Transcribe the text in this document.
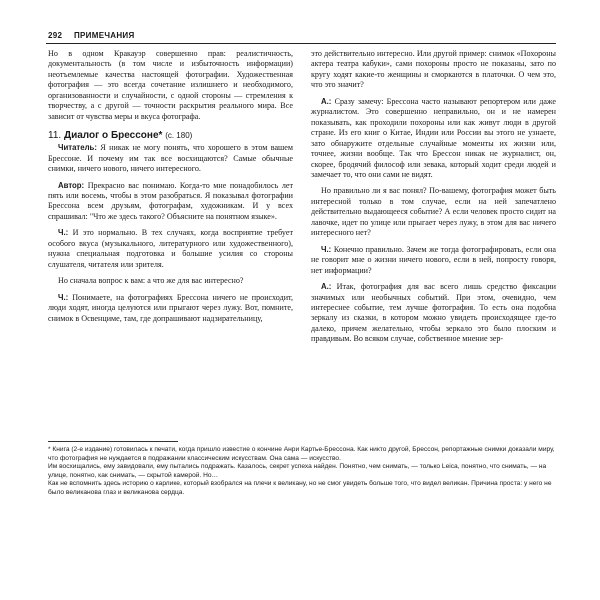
292 ПРИМЕЧАНИЯ

Но в одном Кракауэр совершенно прав: реалистичность, документальность (в том числе и избыточность информации) неотъемлемые качества настоящей фотографии. Художественная фотография — это всегда сочетание излишнего и необходимого, организованности и случайности, с одной стороны — стремления к творчеству, а с другой — точности раскрытия реального мира. Все зависит от чувства меры и вкуса фотографа.

11. Диалог о Брессоне* (с. 180)

Читатель: Я никак не могу понять, что хорошего в этом вашем Брессоне. И почему им так все восхищаются? Самые обычные снимки, ничего нового, ничего интересного.

Автор: Прекрасно вас понимаю. Когда-то мне понадобилось лет пять или восемь, чтобы в этом разобраться. Я показывал фотографии Брессона всем друзьям, фотографам, художникам. И у всех спрашивал: "Что же здесь такого? Объясните на понятном языке».

Ч.: И это нормально. В тех случаях, когда восприятие требует особого вкуса (музыкального, литературного или художественного), нужна специальная подготовка и большие усилия со стороны слушателя, читателя или зрителя.

Но сначала вопрос к вам: а что же для вас интересно?

Ч.: Понимаете, на фотографиях Брессона ничего не происходит, люди ходят, иногда целуются или прыгают через лужу. Вот, помните, снимок в Освенциме, там, где допрашивают надзирательницу,

это действительно интересно. Или другой пример: снимок «Похороны актера театра кабуки», сами похороны просто не показаны, зато по кругу ходят какие-то женщины и сморкаются в платочки. О чем это, что это значит?

А.: Сразу замечу: Брессона часто называют репортером или даже журналистом. Это совершенно неправильно, он и не намерен показывать, как проходили похороны или как живут люди в другой стране. Из его книг о Китае, Индии или России вы этого не узнаете, зато обнаружите отдельные случайные моменты их жизни или, точнее, жизни вообще. Так что Брессон никак не журналист, он, скорее, бродячий философ или зевака, который ходит среди людей и замечает то, что они сами не видят.

Но правильно ли я вас понял? По-вашему, фотография может быть интересной только в том случае, если на ней запечатлено действительно выдающееся событие? А если человек просто сидит на лавочке, идет по улице или прыгает через лужу, в этом для вас ничего интересного нет?

Ч.: Конечно правильно. Зачем же тогда фотографировать, если она не говорит мне о жизни ничего нового, если в ней, попросту говоря, нет информации?

А.: Итак, фотография для вас всего лишь средство фиксации значимых или необычных событий. При этом, очевидно, чем интереснее событие, тем лучше фотография. То есть она подобна зеркалу из сказки, в котором можно увидеть происходящее где-то далеко, причем желательно, чтобы зеркало это было плоским и правдивым. Во всяком случае, собственное мнение зер-

* Книга (2-е издание) готовилась к печати, когда пришло известие о кончине Анри Картье-Брессона. Как никто другой, Брессон, репортажные снимки доказали миру, что фотография не нуждается в подражании классическим искусствам. Она сама — искусство.

Им восхищались, ему завидовали, ему пытались подражать. Казалось, секрет успеха найден. Понятно, чем снимать, — только Leica, понятно, что снимать, — на улице, понятно, как снимать, — скрытой камерой. Но…

Как не вспомнить здесь историю о карлике, который взобрался на плечи к великану, но не смог увидеть больше того, что видел великан. Причина проста: у него не было великанова глаз и великанова сердца.
